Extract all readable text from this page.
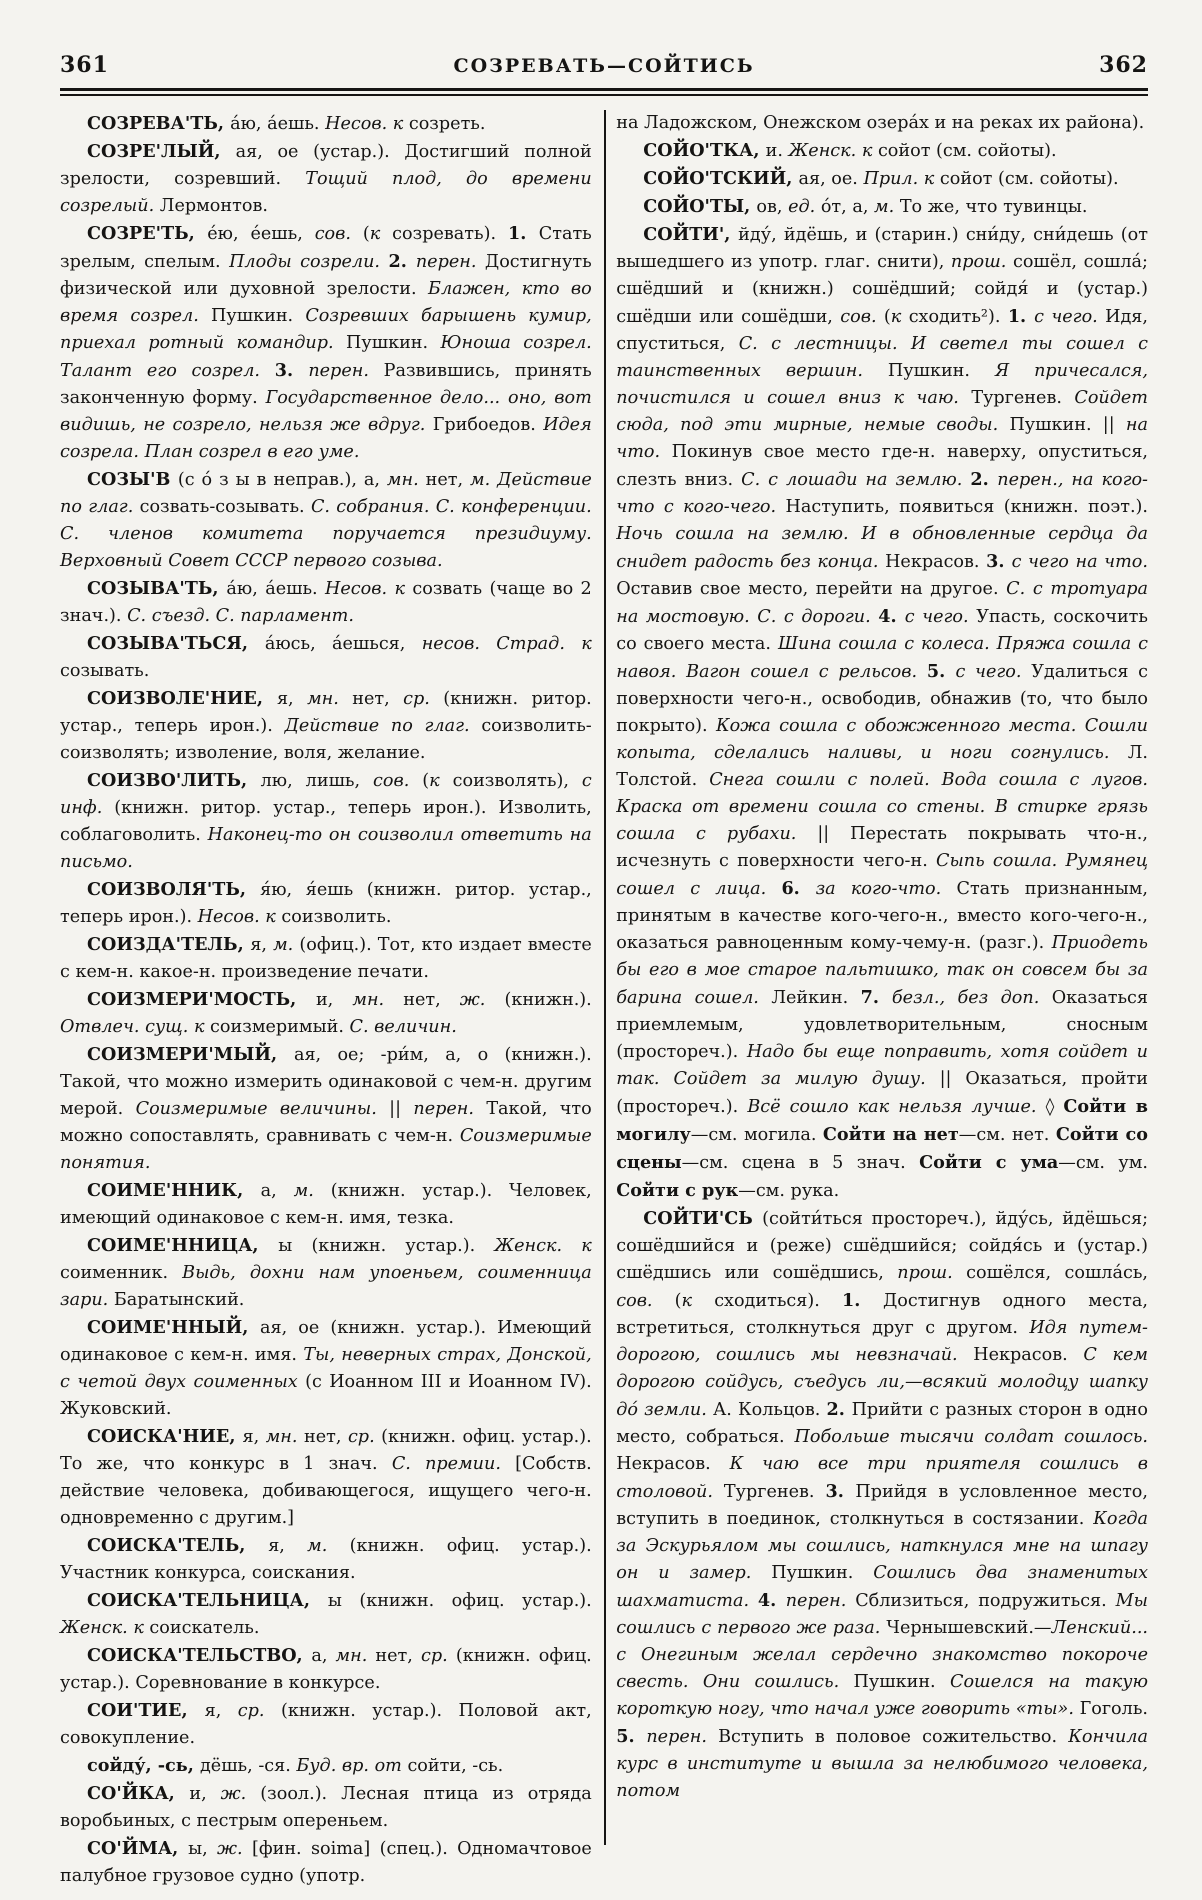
361	СОЗРЕВАТЬ—СОЙТИСЬ	362

СОЗРЕВА'ТЬ, а́ю, а́ешь. Несов. к созреть.

СОЗРЕ'ЛЫЙ, ая, ое (устар.). Достигший полной зрелости, созревший. Тощий плод, до времени созрелый. Лермонтов.

СОЗРЕ'ТЬ, е́ю, е́ешь, сов. (к созревать). 1. Стать зрелым, спелым. Плоды созрели. 2. перен. Достигнуть физической или духовной зрелости. Блажен, кто во время созрел. Пушкин. Созревших барышень кумир, приехал ротный командир. Пушкин. Юноша созрел. Талант его созрел. 3. перен. Развившись, принять законченную форму. Государственное дело... оно, вот видишь, не созрело, нельзя же вдруг. Грибоедов. Идея созрела. План созрел в его уме.

СОЗЫ'В (с о́ з ы в неправ.), а, мн. нет, м. Действие по глаг. созвать-созывать. С. собрания. С. конференции. С. членов комитета поручается президиуму. Верховный Совет СССР первого созыва.

СОЗЫВА'ТЬ, а́ю, а́ешь. Несов. к созвать (чаще во 2 знач.). С. съезд. С. парламент.

СОЗЫВА'ТЬСЯ, а́юсь, а́ешься, несов. Страд. к созывать.

СОИЗВОЛЕ'НИЕ, я, мн. нет, ср. (книжн. ритор. устар., теперь ирон.). Действие по глаг. соизволить-соизволять; изволение, воля, желание.

СОИЗВО'ЛИТЬ, лю, лишь, сов. (к соизволять), с инф. (книжн. ритор. устар., теперь ирон.). Изволить, соблаговолить. Наконец-то он соизволил ответить на письмо.

СОИЗВОЛЯ'ТЬ, я́ю, я́ешь (книжн. ритор. устар., теперь ирон.). Несов. к соизволить.

СОИЗДА'ТЕЛЬ, я, м. (офиц.). Тот, кто издает вместе с кем-н. какое-н. произведение печати.

СОИЗМЕРИ'МОСТЬ, и, мн. нет, ж. (книжн.). Отвлеч. сущ. к соизмеримый. С. величин.

СОИЗМЕРИ'МЫЙ, ая, ое; -ри́м, а, о (книжн.). Такой, что можно измерить одинаковой с чем-н. другим мерой. Соизмеримые величины. || перен. Такой, что можно сопоставлять, сравнивать с чем-н. Соизмеримые понятия.

СОИМЕ'ННИК, а, м. (книжн. устар.). Человек, имеющий одинаковое с кем-н. имя, тезка.

СОИМЕ'ННИЦА, ы (книжн. устар.). Женск. к соименник. Выдь, дохни нам упоеньем, соименница зари. Баратынский.

СОИМЕ'ННЫЙ, ая, ое (книжн. устар.). Имеющий одинаковое с кем-н. имя. Ты, неверных страх, Донской, с четой двух соименных (с Иоанном III и Иоанном IV). Жуковский.

СОИСКА'НИЕ, я, мн. нет, ср. (книжн. офиц. устар.). То же, что конкурс в 1 знач. С. премии. [Собств. действие человека, добивающегося, ищущего чего-н. одновременно с другим.]

СОИСКА'ТЕЛЬ, я, м. (книжн. офиц. устар.). Участник конкурса, соискания.

СОИСКА'ТЕЛЬНИЦА, ы (книжн. офиц. устар.). Женск. к соискатель.

СОИСКА'ТЕЛЬСТВО, а, мн. нет, ср. (книжн. офиц. устар.). Соревнование в конкурсе.

СОИ'ТИЕ, я, ср. (книжн. устар.). Половой акт, совокупление.

сойду́, -сь, дёшь, -ся. Буд. вр. от сойти, -сь.

СО'ЙКА, и, ж. (зоол.). Лесная птица из отряда воробьиных, с пестрым опереньем.

СО'ЙМА, ы, ж. [фин. soima] (спец.). Одномачтовое палубное грузовое судно (употр.

на Ладожском, Онежском озера́х и на реках их района).

СОЙО'ТКА, и. Женск. к сойот (см. сойоты).

СОЙО'ТСКИЙ, ая, ое. Прил. к сойот (см. сойоты).

СОЙО'ТЫ, ов, ед. о́т, а, м. То же, что тувинцы.

СОЙТИ', йду́, йдёшь, и (старин.) сни́ду, сни́дешь (от вышедшего из употр. глаг. снити), прош. сошёл, сошла́; сшёдший и (книжн.) сошёдший; сойдя́ и (устар.) сшёдши или сошёдши, сов. (к сходить²). 1. с чего. Идя, спуститься, С. с лестницы. И светел ты сошел с таинственных вершин. Пушкин. Я причесался, почистился и сошел вниз к чаю. Тургенев. Сойдет сюда, под эти мирные, немые своды. Пушкин. || на что. Покинув свое место где-н. наверху, опуститься, слезть вниз. С. с лошади на землю. 2. перен., на кого-что с кого-чего. Наступить, появиться (книжн. поэт.). Ночь сошла на землю. И в обновленные сердца да снидет радость без конца. Некрасов. 3. с чего на что. Оставив свое место, перейти на другое. С. с тротуара на мостовую. С. с дороги. 4. с чего. Упасть, соскочить со своего места. Шина сошла с колеса. Пряжа сошла с навоя. Вагон сошел с рельсов. 5. с чего. Удалиться с поверхности чего-н., освободив, обнажив (то, что было покрыто). Кожа сошла с обожженного места. Сошли копыта, сделались наливы, и ноги согнулись. Л. Толстой. Снега сошли с полей. Вода сошла с лугов. Краска от времени сошла со стены. В стирке грязь сошла с рубахи. || Перестать покрывать что-н., исчезнуть с поверхности чего-н. Сыпь сошла. Румянец сошел с лица. 6. за кого-что. Стать признанным, принятым в качестве кого-чего-н., вместо кого-чего-н., оказаться равноценным кому-чему-н. (разг.). Приодеть бы его в мое старое пальтишко, так он совсем бы за барина сошел. Лейкин. 7. безл., без доп. Оказаться приемлемым, удовлетворительным, сносным (простореч.). Надо бы еще поправить, хотя сойдет и так. Сойдет за милую душу. || Оказаться, пройти (простореч.). Всё сошло как нельзя лучше. ◊ Сойти в могилу—см. могила. Сойти на нет—см. нет. Сойти со сцены—см. сцена в 5 знач. Сойти с ума—см. ум. Сойти с рук—см. рука.

СОЙТИ'СЬ (сойти́ться простореч.), йду́сь, йдёшься; сошёдшийся и (реже) сшёдшийся; сойдя́сь и (устар.) сшёдшись или сошёдшись, прош. сошёлся, сошла́сь, сов. (к сходиться). 1. Достигнув одного места, встретиться, столкнуться друг с другом. Идя путем-дорогою, сошлись мы невзначай. Некрасов. С кем дорогою сойдусь, съедусь ли,—всякий молодцу шапку до́ земли. А. Кольцов. 2. Прийти с разных сторон в одно место, собраться. Побольше тысячи солдат сошлось. Некрасов. К чаю все три приятеля сошлись в столовой. Тургенев. 3. Прийдя в условленное место, вступить в поединок, столкнуться в состязании. Когда за Эскурьялом мы сошлись, наткнулся мне на шпагу он и замер. Пушкин. Сошлись два знаменитых шахматиста. 4. перен. Сблизиться, подружиться. Мы сошлись с первого же раза. Чернышевский.—Ленский... с Онегиным желал сердечно знакомство покороче свесть. Они сошлись. Пушкин. Сошелся на такую короткую ногу, что начал уже говорить «ты». Гоголь. 5. перен. Вступить в половое сожительство. Кончила курс в институте и вышла за нелюбимого человека, потом
